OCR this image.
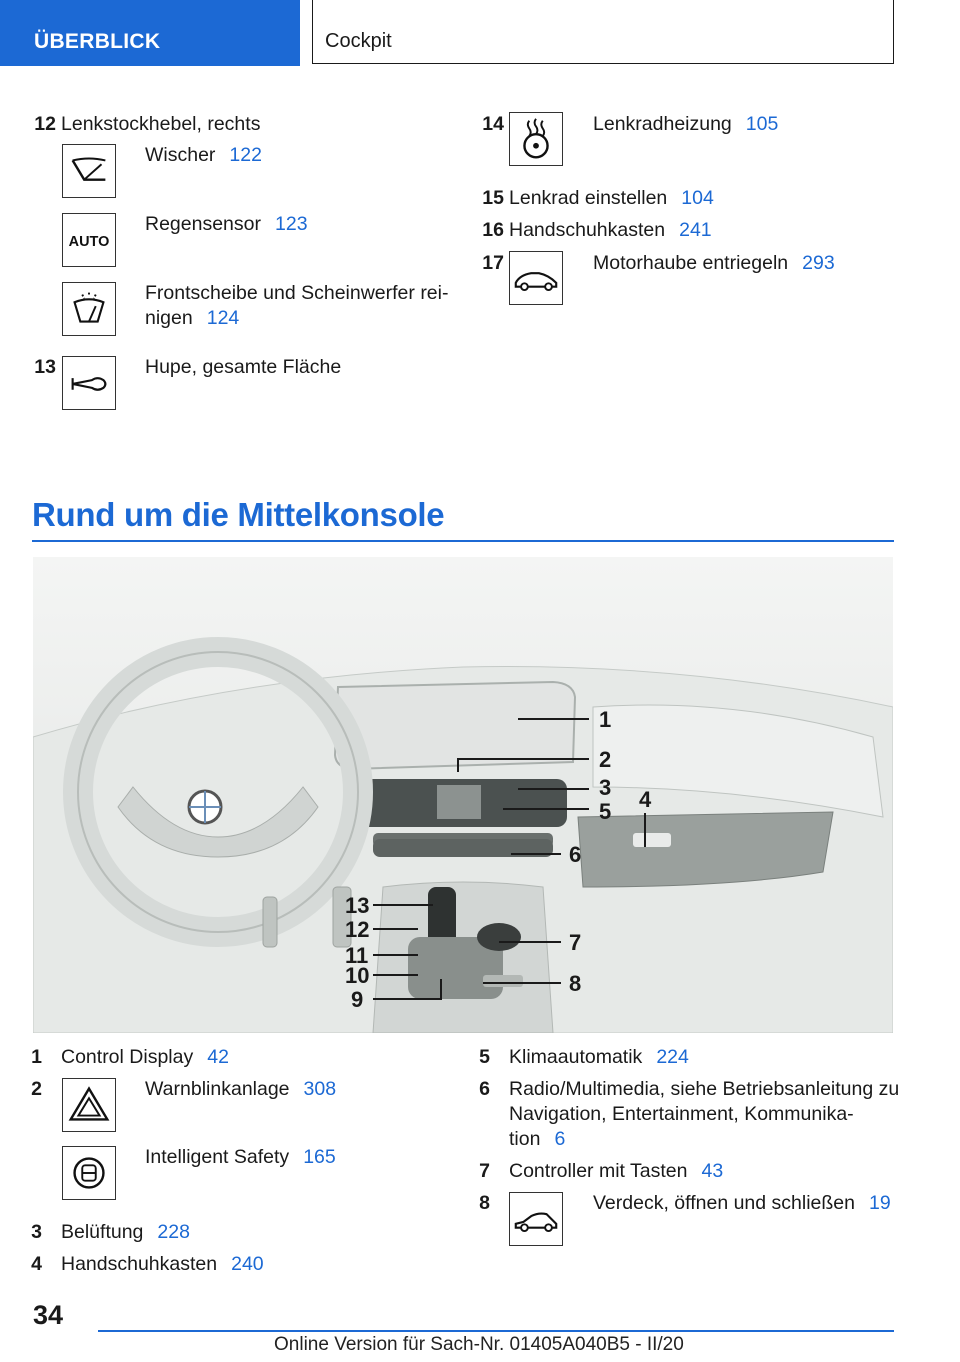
ÜBERBLICK	Cockpit
12 Lenkstockhebel, rechts
Wischer 122
AUTO
Regensensor 123
Frontscheibe und Scheinwerfer rei-
nigen 124
13	Hupe, gesamte Fläche
14	Lenkradheizung 105
15 Lenkrad einstellen 104
16 Handschuhkasten 241
17	Motorhaube entriegeln 293
Rund um die Mittelkonsole
1
2
3 4
5
6
7
8
9
10
11
12
13
1 Control Display 42
2	Warnblinkanlage 308
Intelligent Safety 165
3 Belüftung 228
4 Handschuhkasten 240
5 Klimaautomatik 224
6 Radio/Multimedia, siehe Betriebsanleitung zu
Navigation, Entertainment, Kommunika-
tion 6
7 Controller mit Tasten 43
8	Verdeck, öffnen und schließen 19
34
Online Version für Sach-Nr. 01405A040B5 - II/20
